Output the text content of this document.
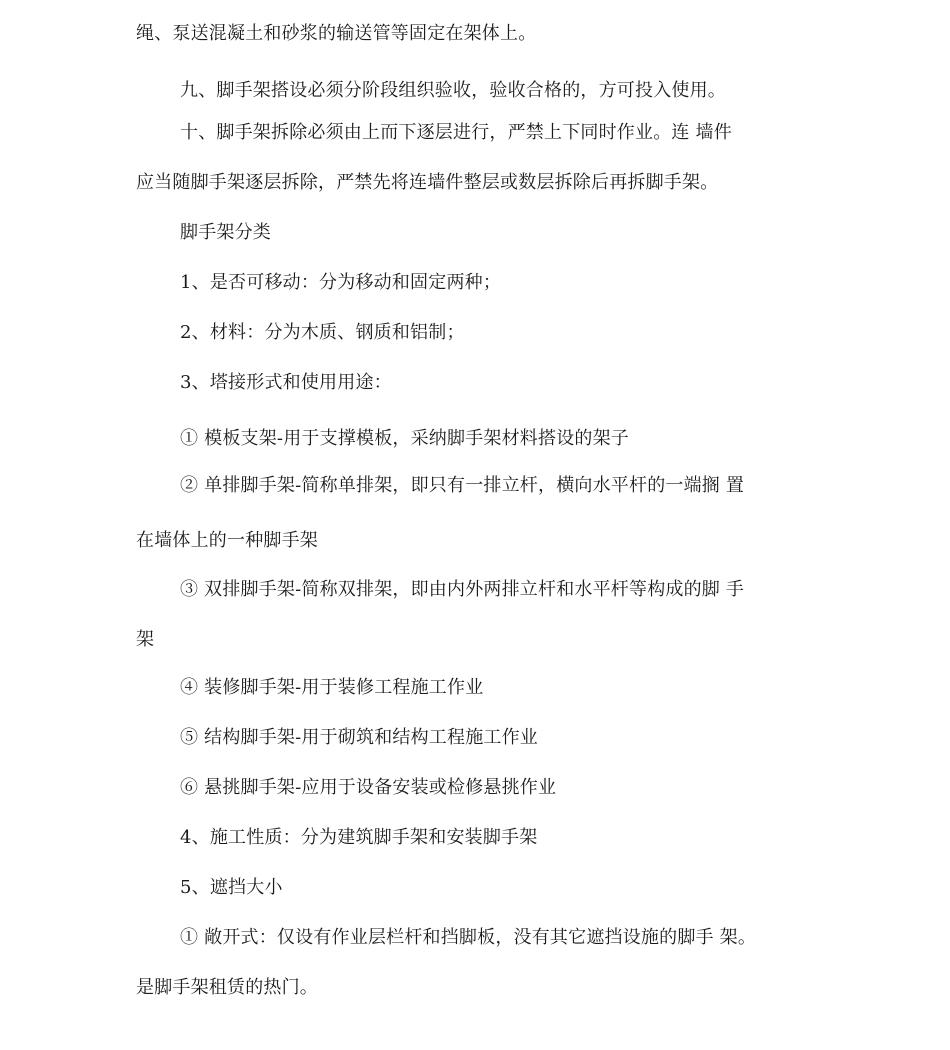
绳、泵送混凝土和砂浆的输送管等固定在架体上。
九、脚手架搭设必须分阶段组织验收，验收合格的，方可投入使用。
十、脚手架拆除必须由上而下逐层进行，严禁上下同时作业。连 墙件
应当随脚手架逐层拆除，严禁先将连墙件整层或数层拆除后再拆脚手架。
脚手架分类
1、是否可移动：分为移动和固定两种；
2、材料：分为木质、钢质和铝制；
3、塔接形式和使用用途：
① 模板支架-用于支撑模板，采纳脚手架材料搭设的架子
② 单排脚手架-简称单排架，即只有一排立杆，横向水平杆的一端搁 置
在墙体上的一种脚手架
③ 双排脚手架-简称双排架，即由内外两排立杆和水平杆等构成的脚 手
架
④ 装修脚手架-用于装修工程施工作业
⑤ 结构脚手架-用于砌筑和结构工程施工作业
⑥ 悬挑脚手架-应用于设备安装或检修悬挑作业
4、施工性质：分为建筑脚手架和安装脚手架
5、遮挡大小
① 敞开式：仅设有作业层栏杆和挡脚板，没有其它遮挡设施的脚手 架。
是脚手架租赁的热门。
